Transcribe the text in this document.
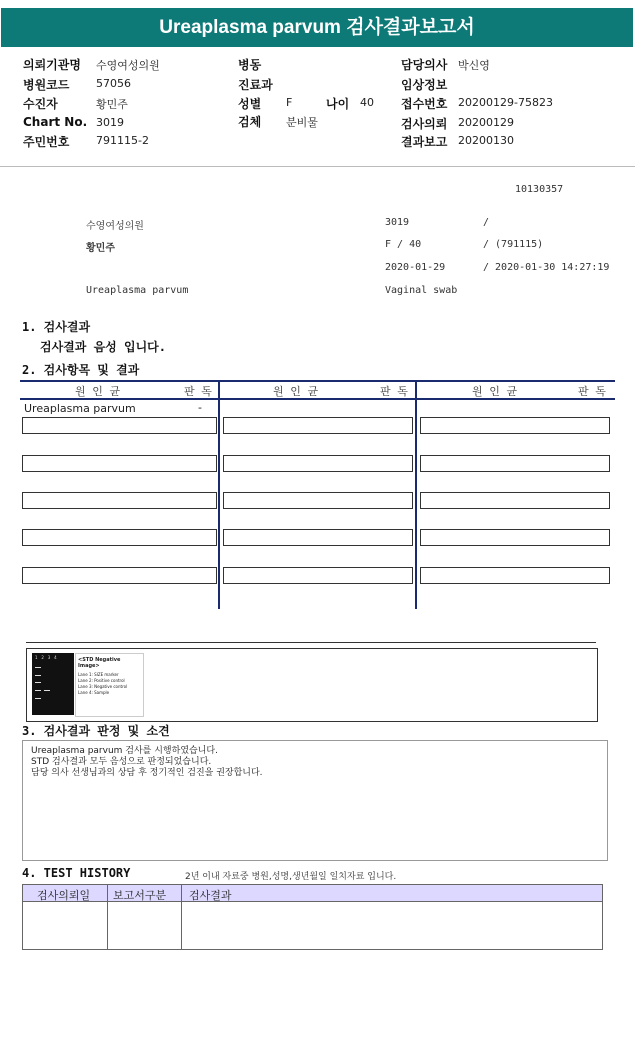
Ureaplasma parvum 검사결과보고서
의뢰기관명 수영여성의원
병원코드 57056
수진자	황민주
Chart No. 3019
주민번호 791115-2
병동
진료과
성별 F	나이 40
검체 분비물
담당의사 박신영
임상정보
접수번호 20200129-75823
검사의뢰 20200129
결과보고 20200130
10130357
수영여성의원	3019	/
황민주	F / 40	/ (791115)
2020-01-29	/ 2020-01-30 14:27:19
Ureaplasma parvum	Vaginal swab
1. 검사결과
검사결과 음성 입니다.
2. 검사항목 및 결과
원 인 균	판 독	원 인 균	판 독	원 인 균	판 독
Ureaplasma parvum	-
1   2   3   4	<STD Negative Image>
Lane 1: SIZE marker
Lane 2: Positive control
Lane 3: Negative control
Lane 4: Sample
3. 검사결과 판정 및 소견
Ureaplasma parvum 검사를 시행하였습니다.
STD 검사결과 모두 음성으로 판정되었습니다.
담당 의사 선생님과의 상담 후 정기적인 검진을 권장합니다.
4. TEST HISTORY	2년 이내 자료중 병원,성명,생년월일 일치자료 입니다.
검사의뢰일 보고서구분 검사결과
